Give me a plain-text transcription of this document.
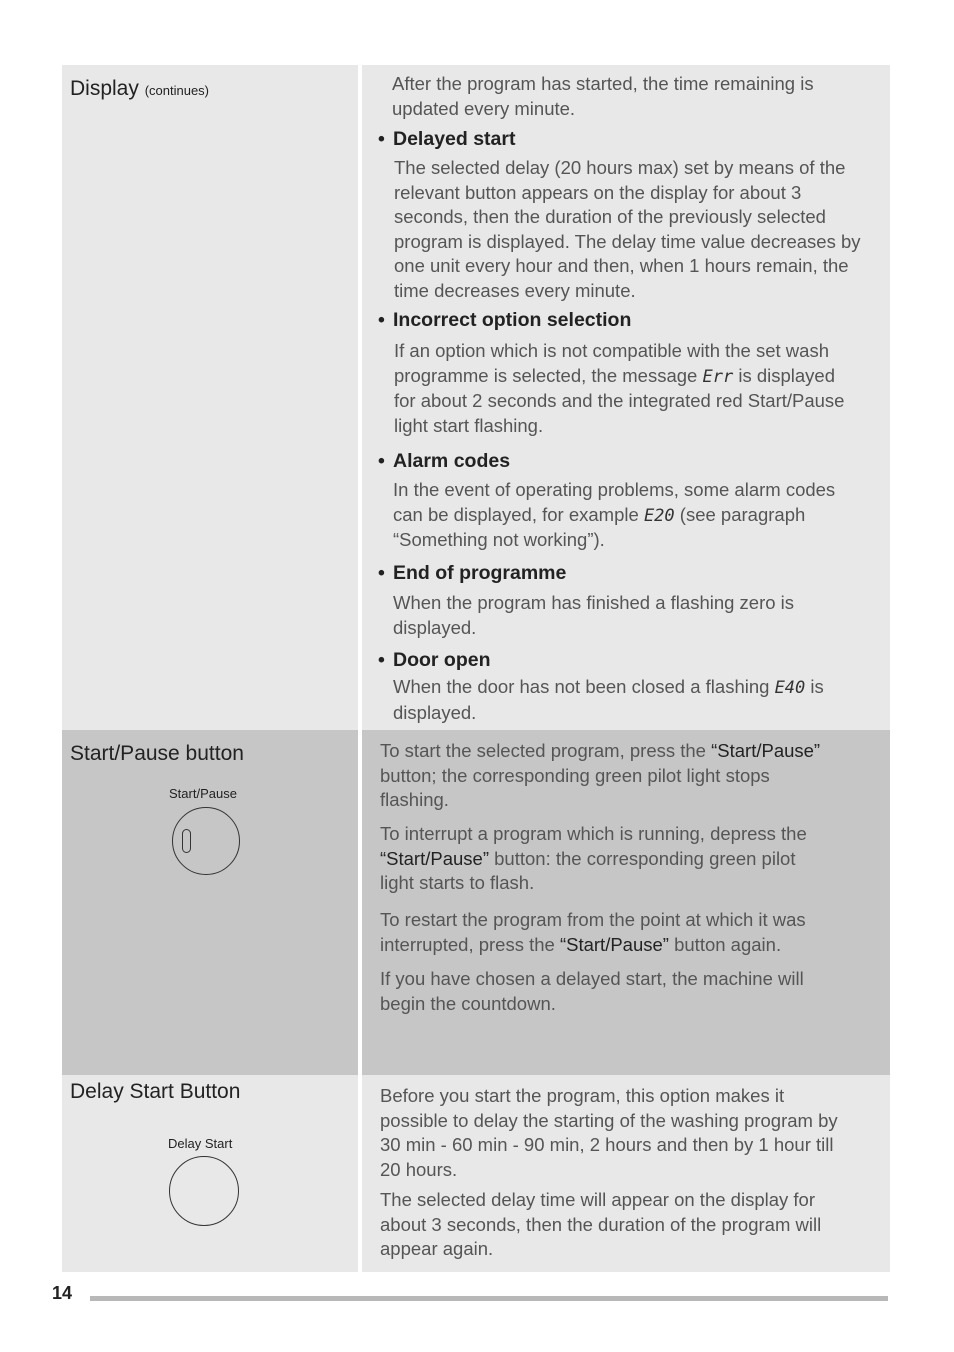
Display (continues)	After the program has started, the time remaining is
updated every minute.
• Delayed start
The selected delay (20 hours max) set by means of the
relevant button appears on the display for about 3
seconds, then the duration of the previously selected
program is displayed. The delay time value decreases by
one unit every hour and then, when 1 hours remain, the
time decreases every minute.
• Incorrect option selection
If an option which is not compatible with the set wash
programme is selected, the message Err is displayed
for about 2 seconds and the integrated red Start/Pause
light start flashing.
• Alarm codes
In the event of operating problems, some alarm codes
can be displayed, for example E20 (see paragraph
“Something not working”).
• End of programme
When the program has finished a flashing zero is
displayed.
• Door open
When the door has not been closed a flashing E40 is
displayed.
Start/Pause button
Start/Pause
To start the selected program, press the “Start/Pause”
button; the corresponding green pilot light stops
flashing.
To interrupt a program which is running, depress the
“Start/Pause” button: the corresponding green pilot
light starts to flash.
To restart the program from the point at which it was
interrupted, press the “Start/Pause” button again.
If you have chosen a delayed start, the machine will
begin the countdown.
Delay Start Button
Delay Start
Before you start the program, this option makes it
possible to delay the starting of the washing program by
30 min - 60 min - 90 min, 2 hours and then by 1 hour till
20 hours.
The selected delay time will appear on the display for
about 3 seconds, then the duration of the program will
appear again.
14
